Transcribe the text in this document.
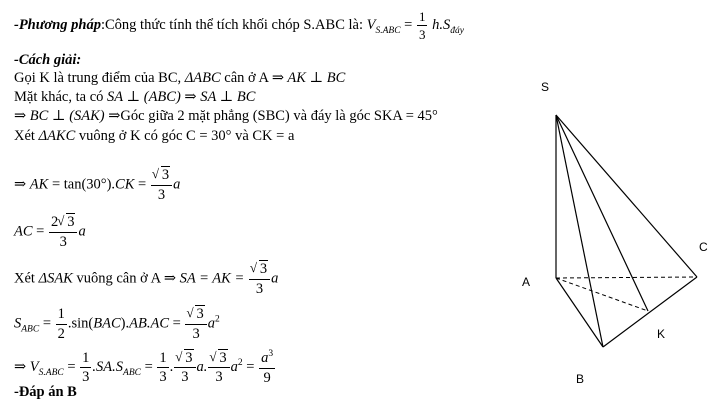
-Phương pháp:Công thức tính thể tích khối chóp S.ABC là: $V_{S.ABC} = \frac{1}{3} h.S_{đáy}$
-Cách giải:
Gọi K là trung điểm của BC, ΔABC cân ở A ⇒ AK ⊥ BC
Mặt khác, ta có SA ⊥ (ABC) ⇒ SA ⊥ BC
⇒ BC ⊥ (SAK) ⇒Góc giữa 2 mặt phẳng (SBC) và đáy là góc SKA = 45°
Xét ΔAKC vuông ở K có góc C = 30° và CK = a
⇒ AK = tan(30°).CK = √ $\frac{3}{3}$ a
AC = $\frac{2 √ 3}{3}$ a
Xét ΔSAK vuông cân ở A ⇒ SA = AK = √ $\frac{3}{3}$ a
$S_{ABC} = \frac{1}{2} .\sin(BAC).AB.AC$ = √ $\frac{3}{3} a^2$
⇒ $V_{S.ABC} = \frac{1}{3} .SA.S_{ABC} = \frac{1}{3}$ . √ $\frac{3}{3} a$. √ $\frac{3}{3} a^2 = \frac{a^3}{9}$
-Đáp án B
S
A
B
C
K
